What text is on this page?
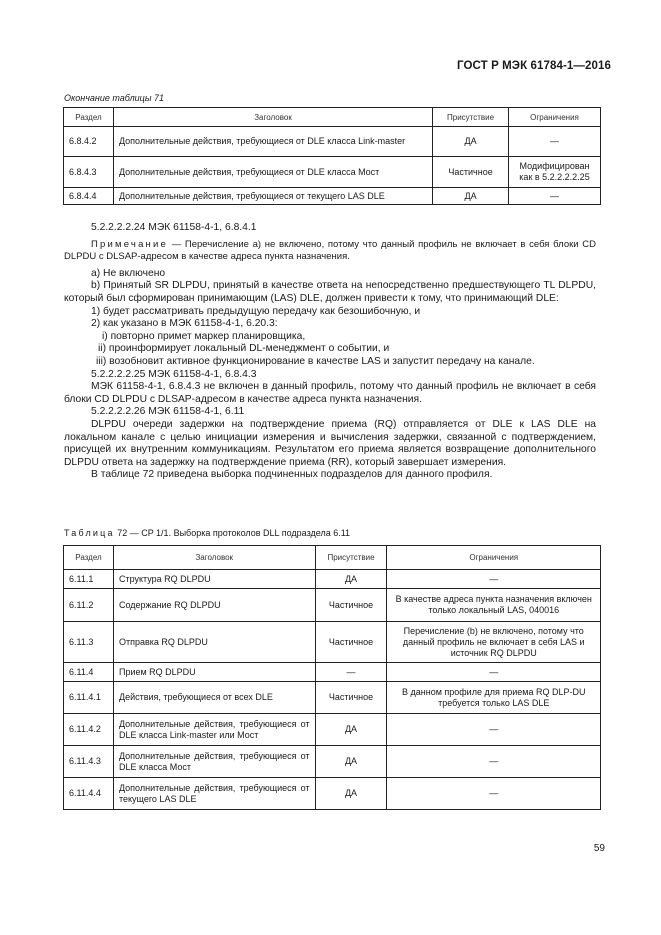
ГОСТ Р МЭК 61784-1—2016
Окончание таблицы 71
Раздел	Заголовок	Присутствие	Ограничения
6.8.4.2	Дополнительные действия, требующиеся от DLE класса Link-master	ДА	—
6.8.4.3	Дополнительные действия, требующиеся от DLE класса Мост	Частичное	Модифицирован как в 5.2.2.2.2.25
6.8.4.4	Дополнительные действия, требующиеся от текущего LAS DLE	ДА	—

5.2.2.2.2.24 МЭК 61158-4-1, 6.8.4.1

Примечание — Перечисление a) не включено, потому что данный профиль не включает в себя блоки CD DLPDU с DLSAP-адресом в качестве адреса пункта назначения.

a) Не включено

b) Принятый SR DLPDU, принятый в качестве ответа на непосредственно предшествующего TL DLPDU, который был сформирован принимающим (LAS) DLE, должен привести к тому, что принимающий DLE:

1) будет рассматривать предыдущую передачу как безошибочную, и

2) как указано в МЭК 61158-4-1, 6.20.3:

i) повторно примет маркер планировщика,

ii) проинформирует локальный DL-менеджмент о событии, и

iii) возобновит активное функционирование в качестве LAS и запустит передачу на канале.

5.2.2.2.2.25 МЭК 61158-4-1, 6.8.4.3

МЭК 61158-4-1, 6.8.4.3 не включен в данный профиль, потому что данный профиль не включает в себя блоки CD DLPDU с DLSAP-адресом в качестве адреса пункта назначения.

5.2.2.2.2.26 МЭК 61158-4-1, 6.11

DLPDU очереди задержки на подтверждение приема (RQ) отправляется от DLE к LAS DLE на локальном канале с целью инициации измерения и вычисления задержки, связанной с подтверждением, присущей их внутренним коммуникациям. Результатом его приема является возвращение дополнительного DLPDU ответа на задержку на подтверждение приема (RR), который завершает измерения.

В таблице 72 приведена выборка подчиненных подразделов для данного профиля.

Таблица 72 — CP 1/1. Выборка протоколов DLL подраздела 6.11
Раздел	Заголовок	Присутствие	Ограничения
6.11.1	Структура RQ DLPDU	ДА	—
6.11.2	Содержание RQ DLPDU	Частичное	В качестве адреса пункта назначения включен только локальный LAS, 040016
6.11.3	Отправка RQ DLPDU	Частичное	Перечисление (b) не включено, потому что данный профиль не включает в себя LAS и источник RQ DLPDU
6.11.4	Прием RQ DLPDU	—	—
6.11.4.1	Действия, требующиеся от всех DLE	Частичное	В данном профиле для приема RQ DLP-DU требуется только LAS DLE
6.11.4.2	Дополнительные действия, требующиеся от DLE класса Link-master или Мост	ДА	—
6.11.4.3	Дополнительные действия, требующиеся от DLE класса Мост	ДА	—
6.11.4.4	Дополнительные действия, требующиеся от текущего LAS DLE	ДА	—
59
